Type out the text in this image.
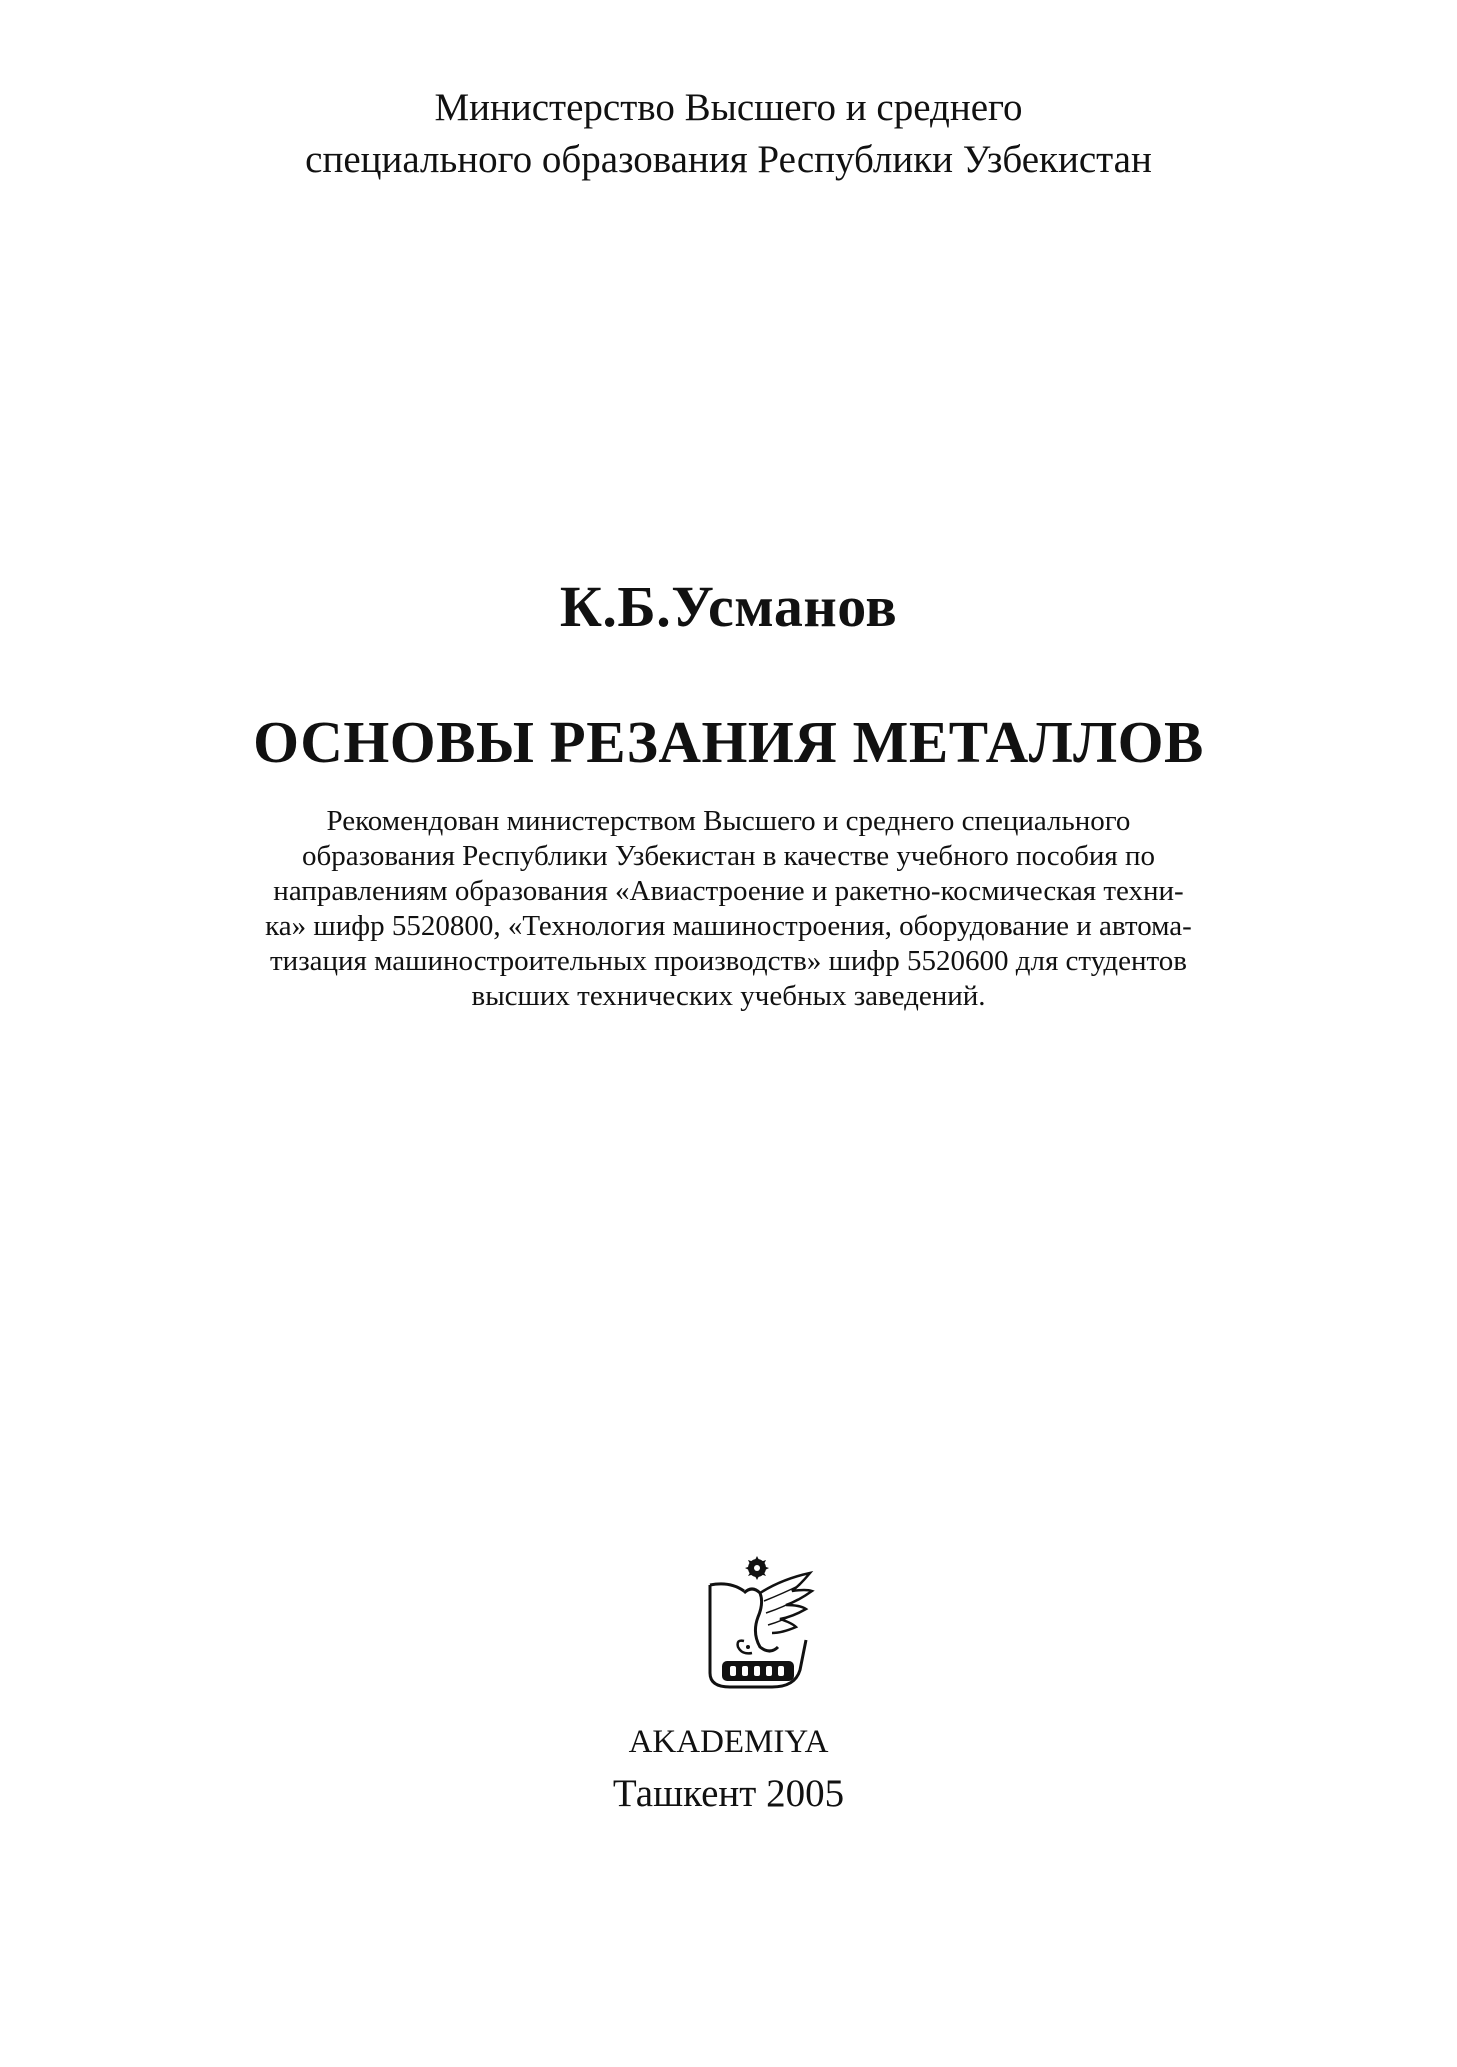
Министерство Высшего и среднего
специального образования Республики Узбекистан
К.Б.Усманов
ОСНОВЫ РЕЗАНИЯ МЕТАЛЛОВ
Рекомендован министерством Высшего и среднего специального
образования Республики Узбекистан в качестве учебного пособия по
направлениям образования «Авиастроение и ракетно-космическая техни-
ка» шифр 5520800, «Технология машиностроения, оборудование и автома-
тизация машиностроительных производств» шифр 5520600 для студентов
высших технических учебных заведений.
AKADEMIYA
Ташкент 2005
